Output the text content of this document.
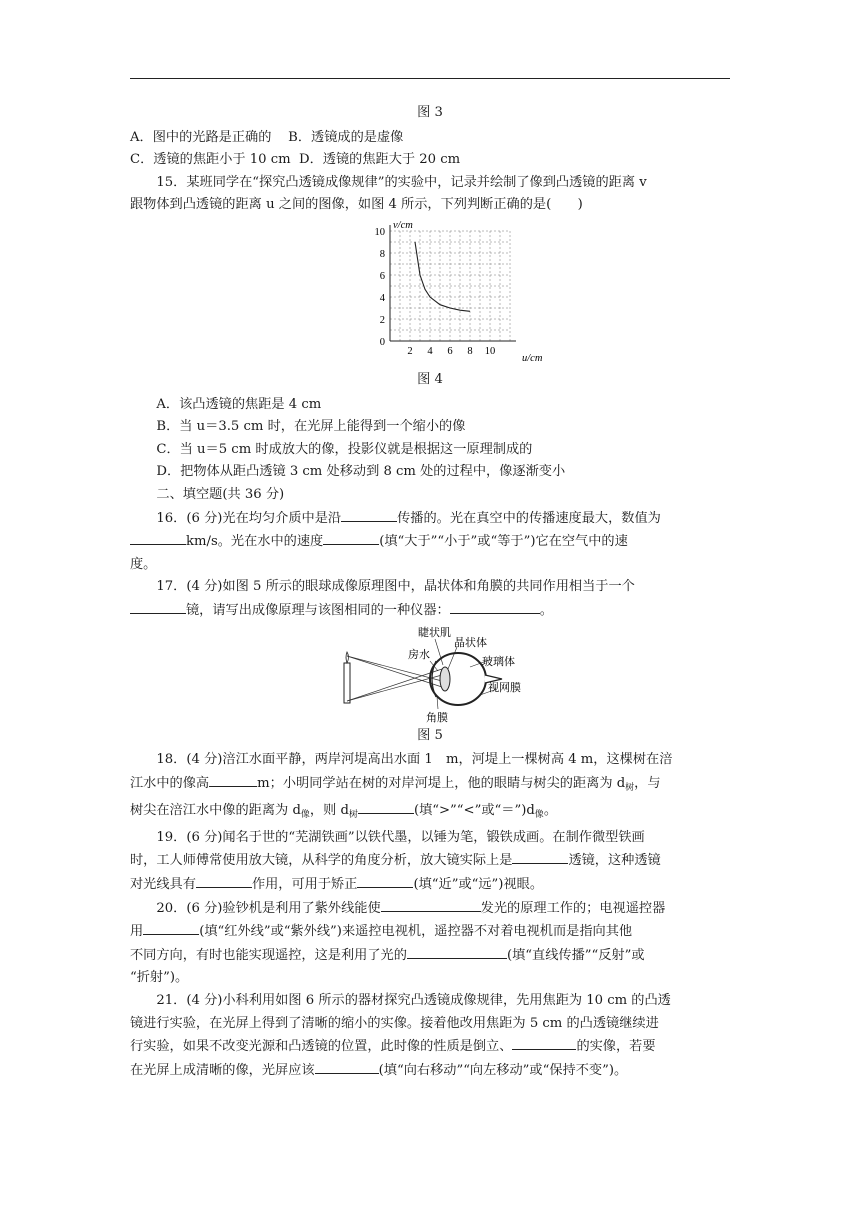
图 3
A．图中的光路是正确的    B．透镜成的是虚像
C．透镜的焦距小于 10 cm  D．透镜的焦距大于 20 cm
15．某班同学在“探究凸透镜成像规律”的实验中，记录并绘制了像到凸透镜的距离 v
跟物体到凸透镜的距离 u 之间的图像，如图 4 所示，下列判断正确的是(　　)
2 4 6 8 10
0
2
4
6
8
10
v/cm
u/cm
图 4
A．该凸透镜的焦距是 4 cm
B．当 u＝3.5 cm 时，在光屏上能得到一个缩小的像
C．当 u＝5 cm 时成放大的像，投影仪就是根据这一原理制成的
D．把物体从距凸透镜 3 cm 处移动到 8 cm 处的过程中，像逐渐变小
二、填空题(共 36 分)
16．(6 分)光在均匀介质中是沿	传播的。光在真空中的传播速度最大，数值为
km/s。光在水中的速度	(填“大于”“小于”或“等于”)它在空气中的速
度。
17．(4 分)如图 5 所示的眼球成像原理图中，晶状体和角膜的共同作用相当于一个
镜，请写出成像原理与该图相同的一种仪器：	。
睫状肌
晶状体
房水
玻璃体
视网膜
角膜
图 5
18．(4 分)涪江水面平静，两岸河堤高出水面 1　m，河堤上一棵树高 4 m，这棵树在涪
江水中的像高	m；小明同学站在树的对岸河堤上，他的眼睛与树尖的距离为 $d_树$，与
树尖在涪江水中像的距离为 $d_像$，则 $d_树$	(填“>”“<”或“$=”)d_像$。
19．(6 分)闻名于世的“芜湖铁画”以铁代墨，以锤为笔，锻铁成画。在制作微型铁画
时，工人师傅常使用放大镜，从科学的角度分析，放大镜实际上是	透镜，这种透镜
对光线具有	作用，可用于矫正	(填“近”或“远”)视眼。
20．(6 分)验钞机是利用了紫外线能使	发光的原理工作的；电视遥控器
用	(填“红外线”或“紫外线”)来遥控电视机，遥控器不对着电视机而是指向其他
不同方向，有时也能实现遥控，这是利用了光的	(填“直线传播”“反射”或
“折射”)。
21．(4 分)小科利用如图 6 所示的器材探究凸透镜成像规律，先用焦距为 10 cm 的凸透
镜进行实验，在光屏上得到了清晰的缩小的实像。接着他改用焦距为 5 cm 的凸透镜继续进
行实验，如果不改变光源和凸透镜的位置，此时像的性质是倒立、	的实像，若要
在光屏上成清晰的像，光屏应该	(填“向右移动”“向左移动”或“保持不变”)。
